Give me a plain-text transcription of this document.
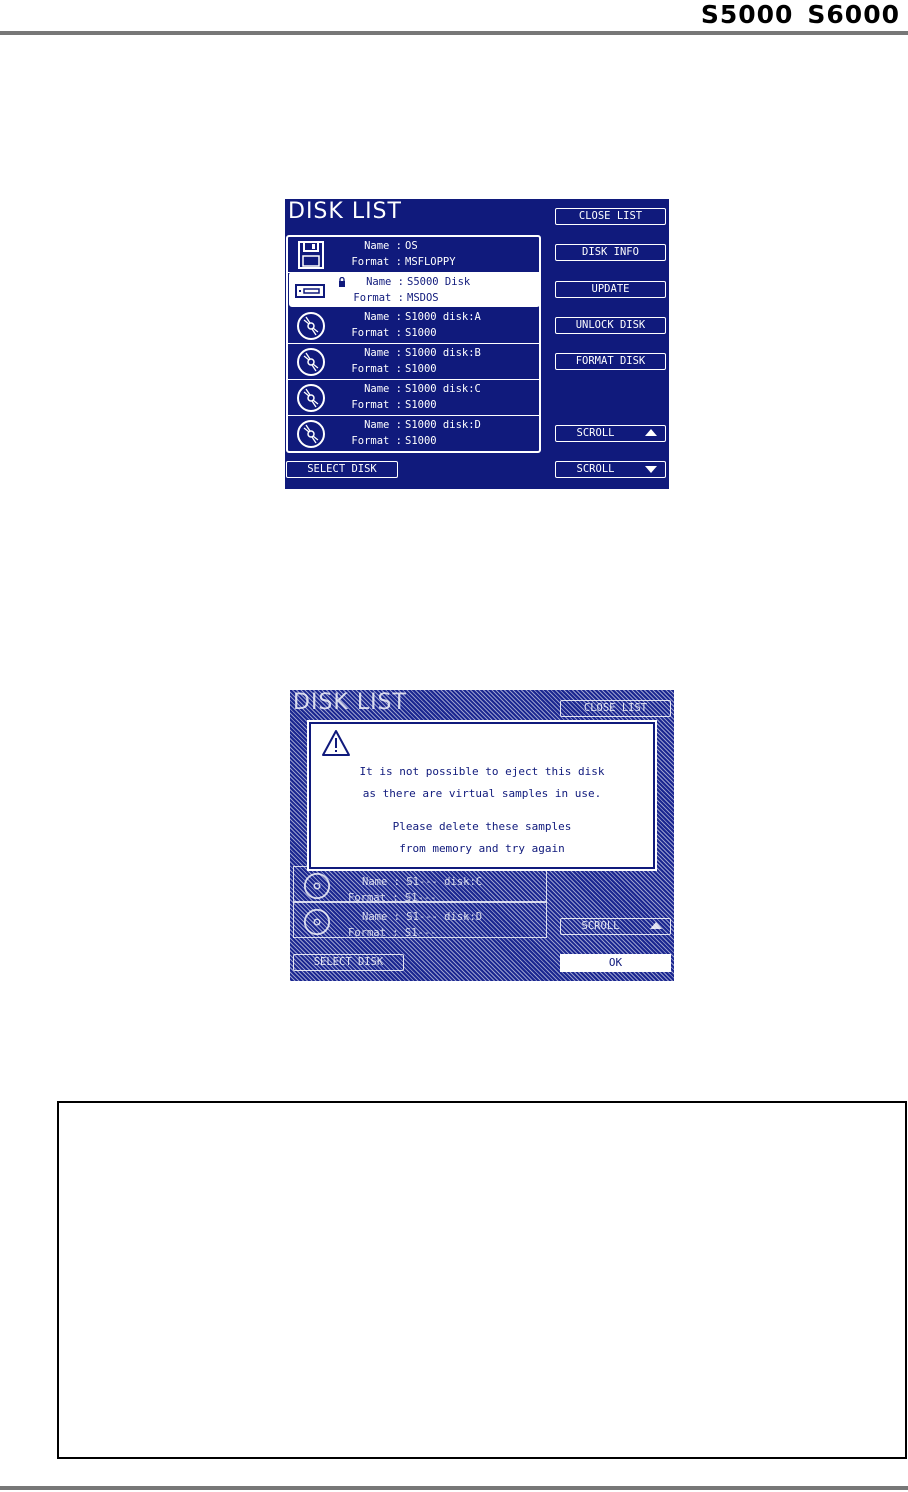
S5000 S6000
DISK LIST
Name : OS
Format : MSFLOPPY
Name : S5000 Disk
Format : MSDOS
Name : S1000 disk:A
Format : S1000
Name : S1000 disk:B
Format : S1000
Name : S1000 disk:C
Format : S1000
Name : S1000 disk:D
Format : S1000
CLOSE LIST
DISK INFO
UPDATE
UNLOCK DISK
FORMAT DISK
SCROLL
SCROLL
SELECT DISK
DISK LIST	CLOSE LIST
Name : S1--- disk:C
Format : S1---
Name : S1--- disk:D
Format : S1---
SCROLL
SELECT DISK	OK
It is not possible to eject this disk
as there are virtual samples in use.
Please delete these samples
from memory and try again
